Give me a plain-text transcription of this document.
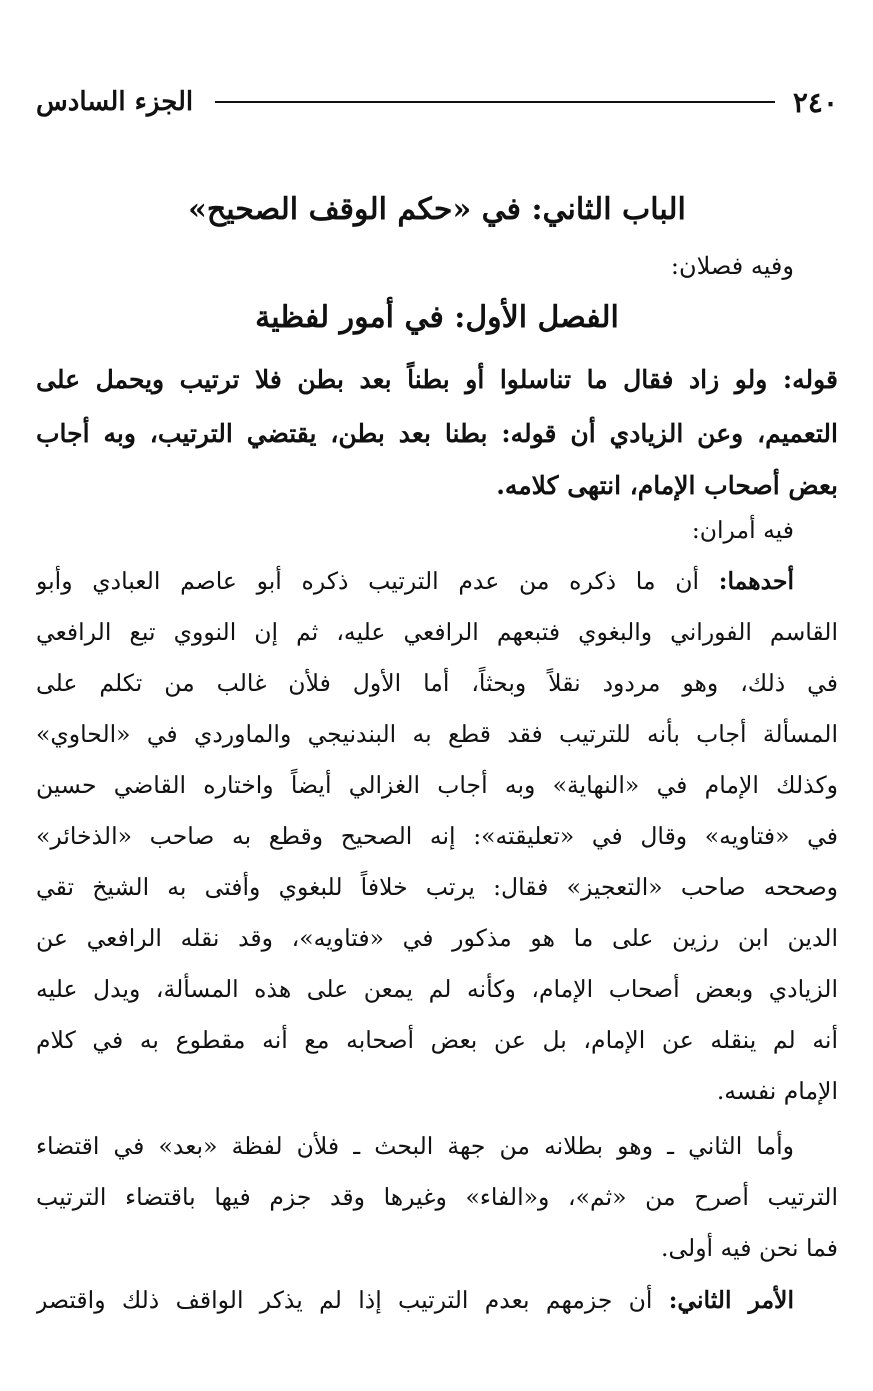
٢٤٠
الجزء السادس
الباب الثاني: في «حكم الوقف الصحيح»
وفيه فصلان:
الفصل الأول: في أمور لفظية
قوله: ولو زاد فقال ما تناسلوا أو بطناً بعد بطن فلا ترتيب ويحمل على
التعميم، وعن الزيادي أن قوله: بطنا بعد بطن، يقتضي الترتيب، وبه أجاب
بعض أصحاب الإمام، انتهى كلامه.
فيه أمران:
أحدهما: أن ما ذكره من عدم الترتيب ذكره أبو عاصم العبادي وأبو
القاسم الفوراني والبغوي فتبعهم الرافعي عليه، ثم إن النووي تبع الرافعي
في ذلك، وهو مردود نقلاً وبحثاً، أما الأول فلأن غالب من تكلم على
المسألة أجاب بأنه للترتيب فقد قطع به البندنيجي والماوردي في «الحاوي»
وكذلك الإمام في «النهاية» وبه أجاب الغزالي أيضاً واختاره القاضي حسين
في «فتاويه» وقال في «تعليقته»: إنه الصحيح وقطع به صاحب «الذخائر»
وصححه صاحب «التعجيز» فقال: يرتب خلافاً للبغوي وأفتى به الشيخ تقي
الدين ابن رزين على ما هو مذكور في «فتاويه»، وقد نقله الرافعي عن
الزيادي وبعض أصحاب الإمام، وكأنه لم يمعن على هذه المسألة، ويدل عليه
أنه لم ينقله عن الإمام، بل عن بعض أصحابه مع أنه مقطوع به في كلام
الإمام نفسه.
وأما الثاني ـ وهو بطلانه من جهة البحث ـ فلأن لفظة «بعد» في اقتضاء
الترتيب أصرح من «ثم»، و«الفاء» وغيرها وقد جزم فيها باقتضاء الترتيب
فما نحن فيه أولى.
الأمر الثاني: أن جزمهم بعدم الترتيب إذا لم يذكر الواقف ذلك واقتصر
